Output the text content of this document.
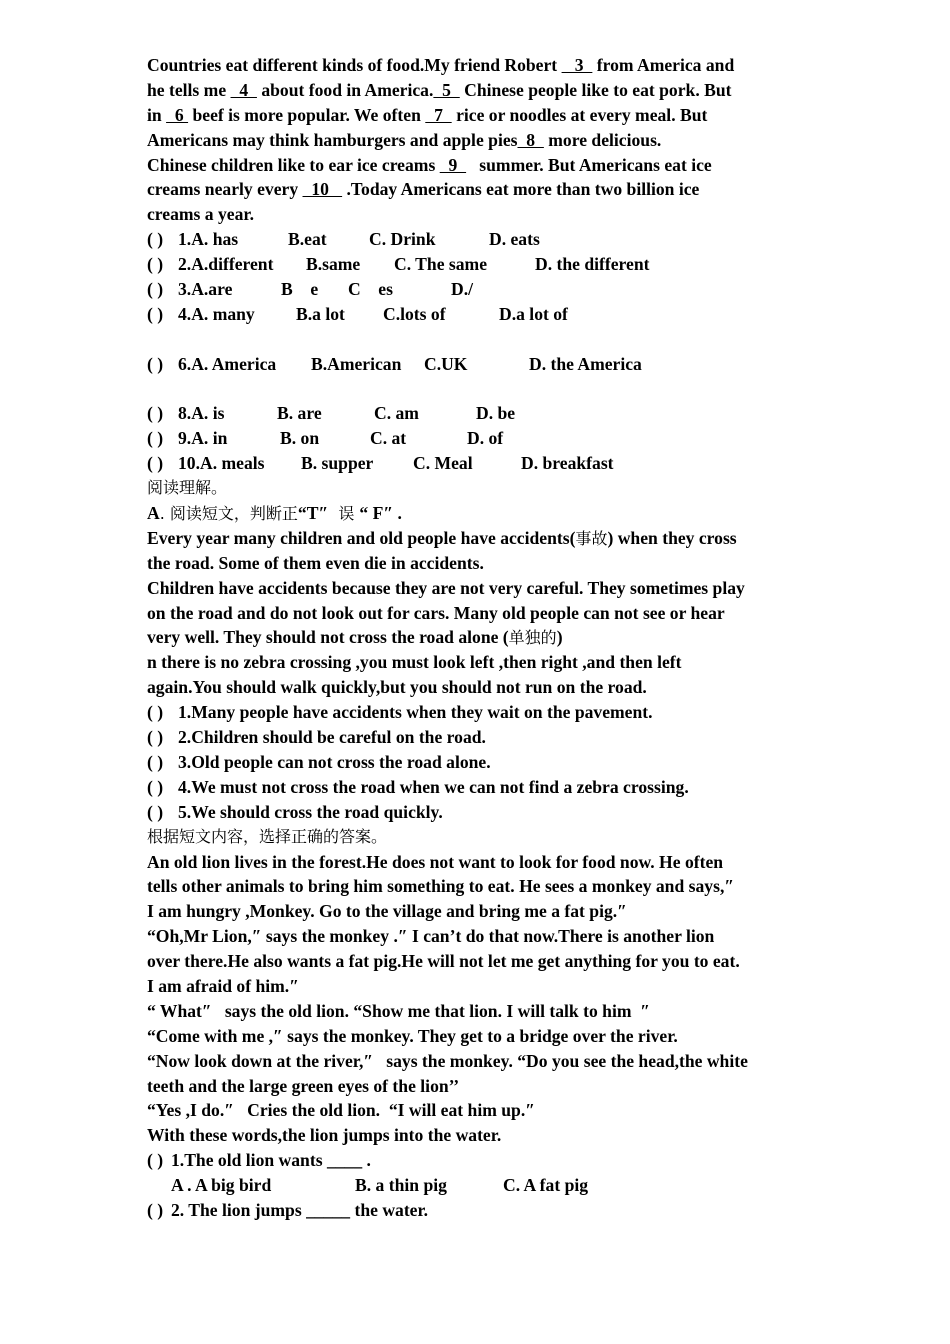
Countries eat different kinds of food.My friend Robert    3   from America and
he tells me   4   about food in America.  5   Chinese people like to eat pork. But
in   6  beef is more popular. We often   7   rice or noodles at every meal. But
Americans may think hamburgers and apple pies  8   more delicious.
Chinese children like to ear ice creams   9     summer. But Americans eat ice
creams nearly every   10    .Today Americans eat more than two billion ice
creams a year.
( ) 1.A. has	B.eat C. Drink	D. eats
( ) 2.A.different B.same C. The same	D. the different
( ) 3.A.are	B    e C    es	D./
( ) 4.A. many B.a lot C.lots of	D.a lot of
( ) 6.A. America B.American C.UK	D. the America
( ) 8.A. is	B. are	C. am	D. be
( ) 9.A. in	B. on	C. at	D. of
( ) 10.A. meals B. supper C. Meal	D. breakfast
阅读理解。
A. 阅读短文，判断正“T″  误 “ F″ .
Every year many children and old people have accidents(事故) when they cross
the road. Some of them even die in accidents.
Children have accidents because they are not very careful. They sometimes play
on the road and do not look out for cars. Many old people can not see or hear
very well. They should not cross the road alone (单独的)
n there is no zebra crossing ,you must look left ,then right ,and then left
again.You should walk quickly,but you should not run on the road.
( ) 1.Many people have accidents when they wait on the pavement.
( ) 2.Children should be careful on the road.
( ) 3.Old people can not cross the road alone.
( ) 4.We must not cross the road when we can not find a zebra crossing.
( ) 5.We should cross the road quickly.
根据短文内容，选择正确的答案。
An old lion lives in the forest.He does not want to look for food now. He often
tells other animals to bring him something to eat. He sees a monkey and says,″
I am hungry ,Monkey. Go to the village and bring me a fat pig.″
“Oh,Mr Lion,″ says the monkey .″ I can’t do that now.There is another lion
over there.He also wants a fat pig.He will not let me get anything for you to eat.
I am afraid of him.″
“ What″   says the old lion. “Show me that lion. I will talk to him  ″
“Come with me ,″ says the monkey. They get to a bridge over the river.
“Now look down at the river,″   says the monkey. “Do you see the head,the white
teeth and the large green eyes of the lion’’
“Yes ,I do.″   Cries the old lion.  “I will eat him up.″
With these words,the lion jumps into the water.
( ) 1.The old lion wants ____ .
A . A big bird	B. a thin pig	C. A fat pig
( ) 2. The lion jumps _____ the water.
